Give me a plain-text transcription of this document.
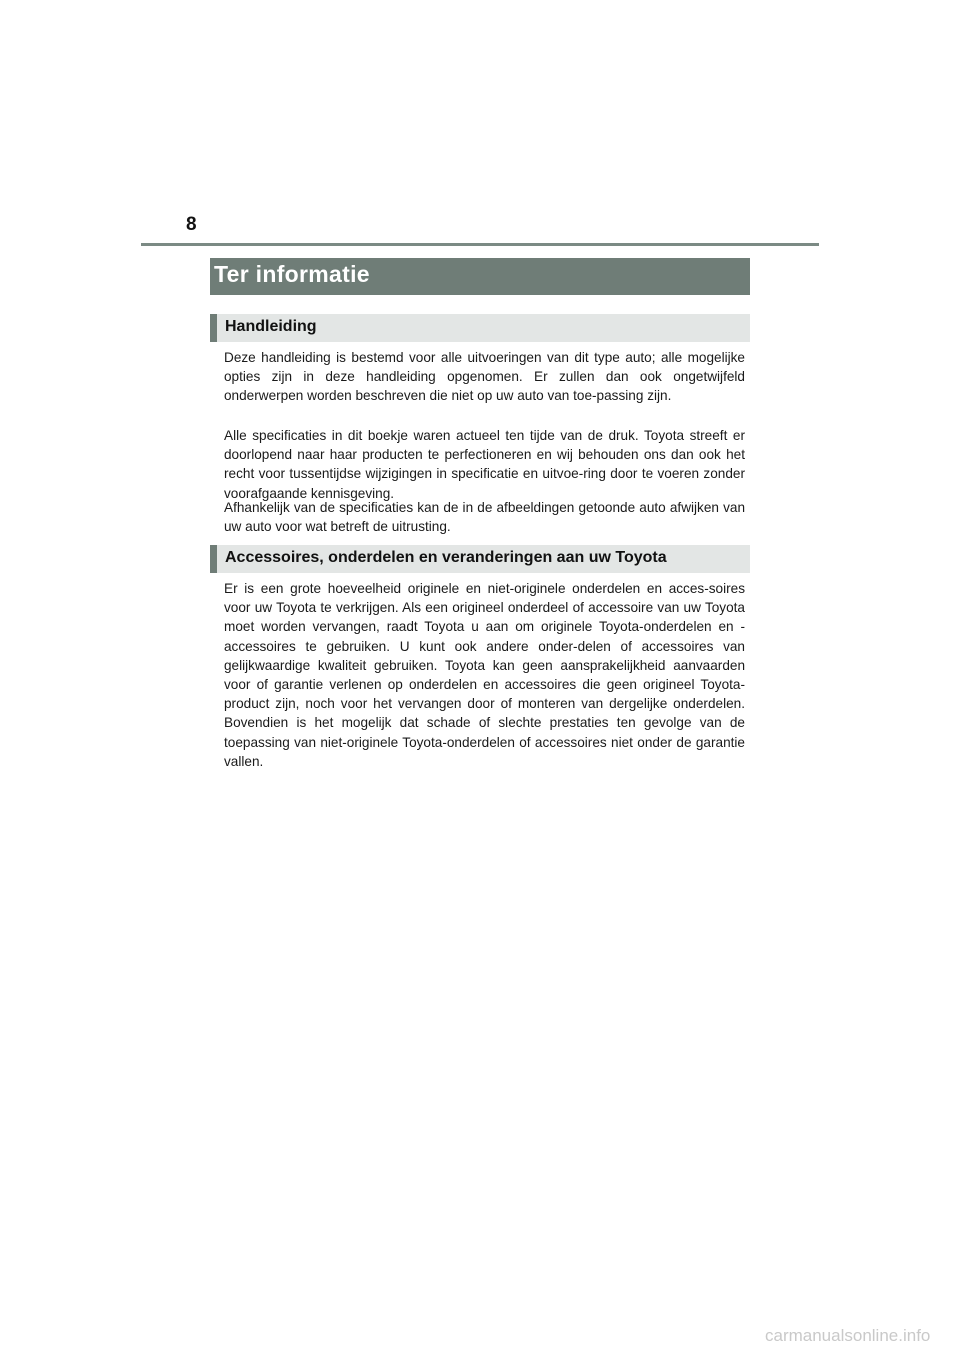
8
Ter informatie
Handleiding

Deze handleiding is bestemd voor alle uitvoeringen van dit type auto; alle mogelijke opties zijn in deze handleiding opgenomen. Er zullen dan ook ongetwijfeld onderwerpen worden beschreven die niet op uw auto van toe-passing zijn.

Alle specificaties in dit boekje waren actueel ten tijde van de druk. Toyota streeft er doorlopend naar haar producten te perfectioneren en wij behouden ons dan ook het recht voor tussentijdse wijzigingen in specificatie en uitvoe-ring door te voeren zonder voorafgaande kennisgeving.

Afhankelijk van de specificaties kan de in de afbeeldingen getoonde auto afwijken van uw auto voor wat betreft de uitrusting.

Accessoires, onderdelen en veranderingen aan uw Toyota

Er is een grote hoeveelheid originele en niet-originele onderdelen en acces-soires voor uw Toyota te verkrijgen. Als een origineel onderdeel of accessoire van uw Toyota moet worden vervangen, raadt Toyota u aan om originele Toyota-onderdelen en -accessoires te gebruiken. U kunt ook andere onder-delen of accessoires van gelijkwaardige kwaliteit gebruiken. Toyota kan geen aansprakelijkheid aanvaarden voor of garantie verlenen op onderdelen en accessoires die geen origineel Toyota-product zijn, noch voor het vervangen door of monteren van dergelijke onderdelen. Bovendien is het mogelijk dat schade of slechte prestaties ten gevolge van de toepassing van niet-originele Toyota-onderdelen of accessoires niet onder de garantie vallen.

carmanualsonline.info
